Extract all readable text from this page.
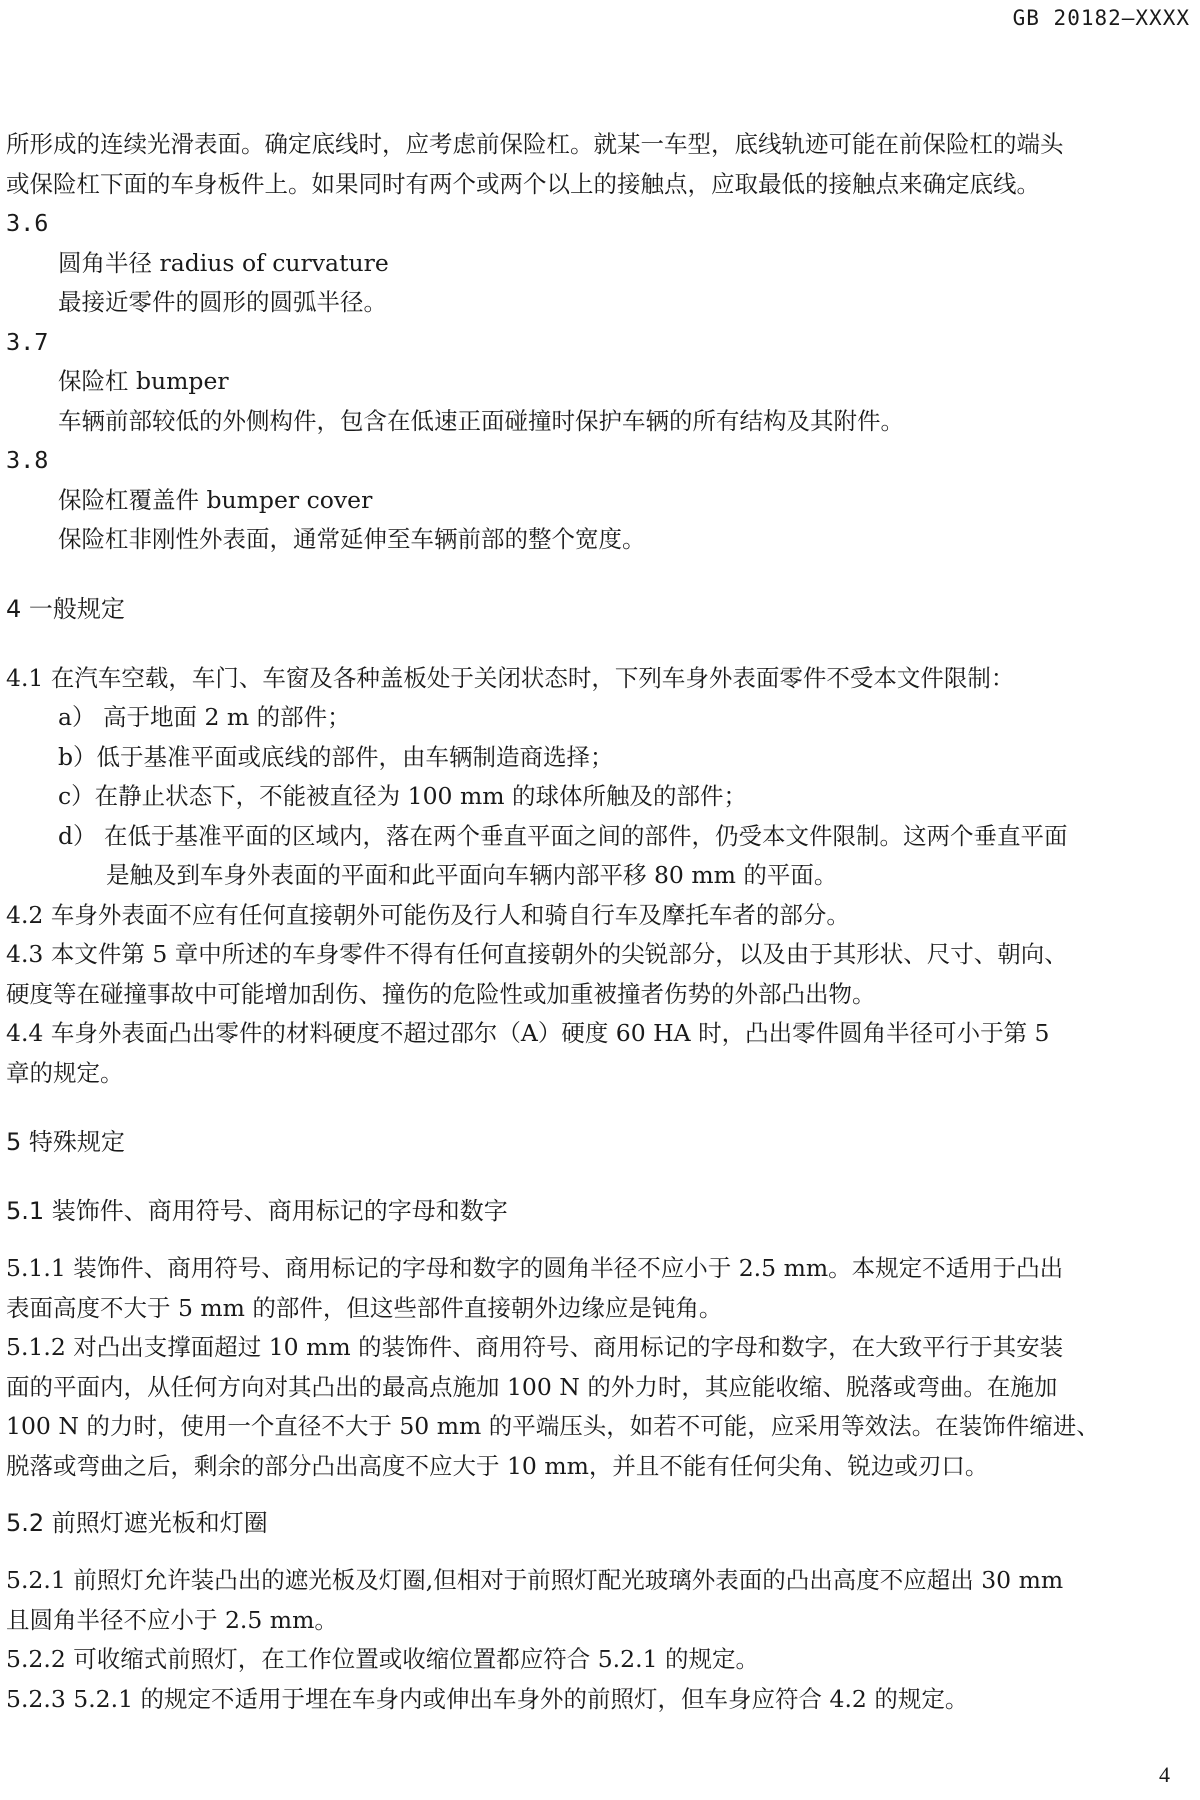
GB 20182—XXXX

所形成的连续光滑表面。确定底线时，应考虑前保险杠。就某一车型，底线轨迹可能在前保险杠的端头

或保险杠下面的车身板件上。如果同时有两个或两个以上的接触点，应取最低的接触点来确定底线。

3.6

圆角半径 radius of curvature

最接近零件的圆形的圆弧半径。

3.7

保险杠 bumper

车辆前部较低的外侧构件，包含在低速正面碰撞时保护车辆的所有结构及其附件。

3.8

保险杠覆盖件 bumper cover

保险杠非刚性外表面，通常延伸至车辆前部的整个宽度。

4 一般规定

4.1 在汽车空载，车门、车窗及各种盖板处于关闭状态时，下列车身外表面零件不受本文件限制：

a） 高于地面 2 m 的部件；

b）低于基准平面或底线的部件，由车辆制造商选择；

c）在静止状态下，不能被直径为 100 mm 的球体所触及的部件；

d） 在低于基准平面的区域内，落在两个垂直平面之间的部件，仍受本文件限制。这两个垂直平面

是触及到车身外表面的平面和此平面向车辆内部平移 80 mm 的平面。

4.2 车身外表面不应有任何直接朝外可能伤及行人和骑自行车及摩托车者的部分。

4.3 本文件第 5 章中所述的车身零件不得有任何直接朝外的尖锐部分，以及由于其形状、尺寸、朝向、

硬度等在碰撞事故中可能增加刮伤、撞伤的危险性或加重被撞者伤势的外部凸出物。

4.4 车身外表面凸出零件的材料硬度不超过邵尔（A）硬度 60 HA 时，凸出零件圆角半径可小于第 5

章的规定。

5 特殊规定

5.1 装饰件、商用符号、商用标记的字母和数字

5.1.1 装饰件、商用符号、商用标记的字母和数字的圆角半径不应小于 2.5 mm。本规定不适用于凸出

表面高度不大于 5 mm 的部件，但这些部件直接朝外边缘应是钝角。

5.1.2 对凸出支撑面超过 10 mm 的装饰件、商用符号、商用标记的字母和数字，在大致平行于其安装

面的平面内，从任何方向对其凸出的最高点施加 100 N 的外力时，其应能收缩、脱落或弯曲。在施加

100 N 的力时，使用一个直径不大于 50 mm 的平端压头，如若不可能，应采用等效法。在装饰件缩进、

脱落或弯曲之后，剩余的部分凸出高度不应大于 10 mm，并且不能有任何尖角、锐边或刃口。

5.2 前照灯遮光板和灯圈

5.2.1 前照灯允许装凸出的遮光板及灯圈,但相对于前照灯配光玻璃外表面的凸出高度不应超出 30 mm

且圆角半径不应小于 2.5 mm。

5.2.2 可收缩式前照灯，在工作位置或收缩位置都应符合 5.2.1 的规定。

5.2.3 5.2.1 的规定不适用于埋在车身内或伸出车身外的前照灯，但车身应符合 4.2 的规定。

4
